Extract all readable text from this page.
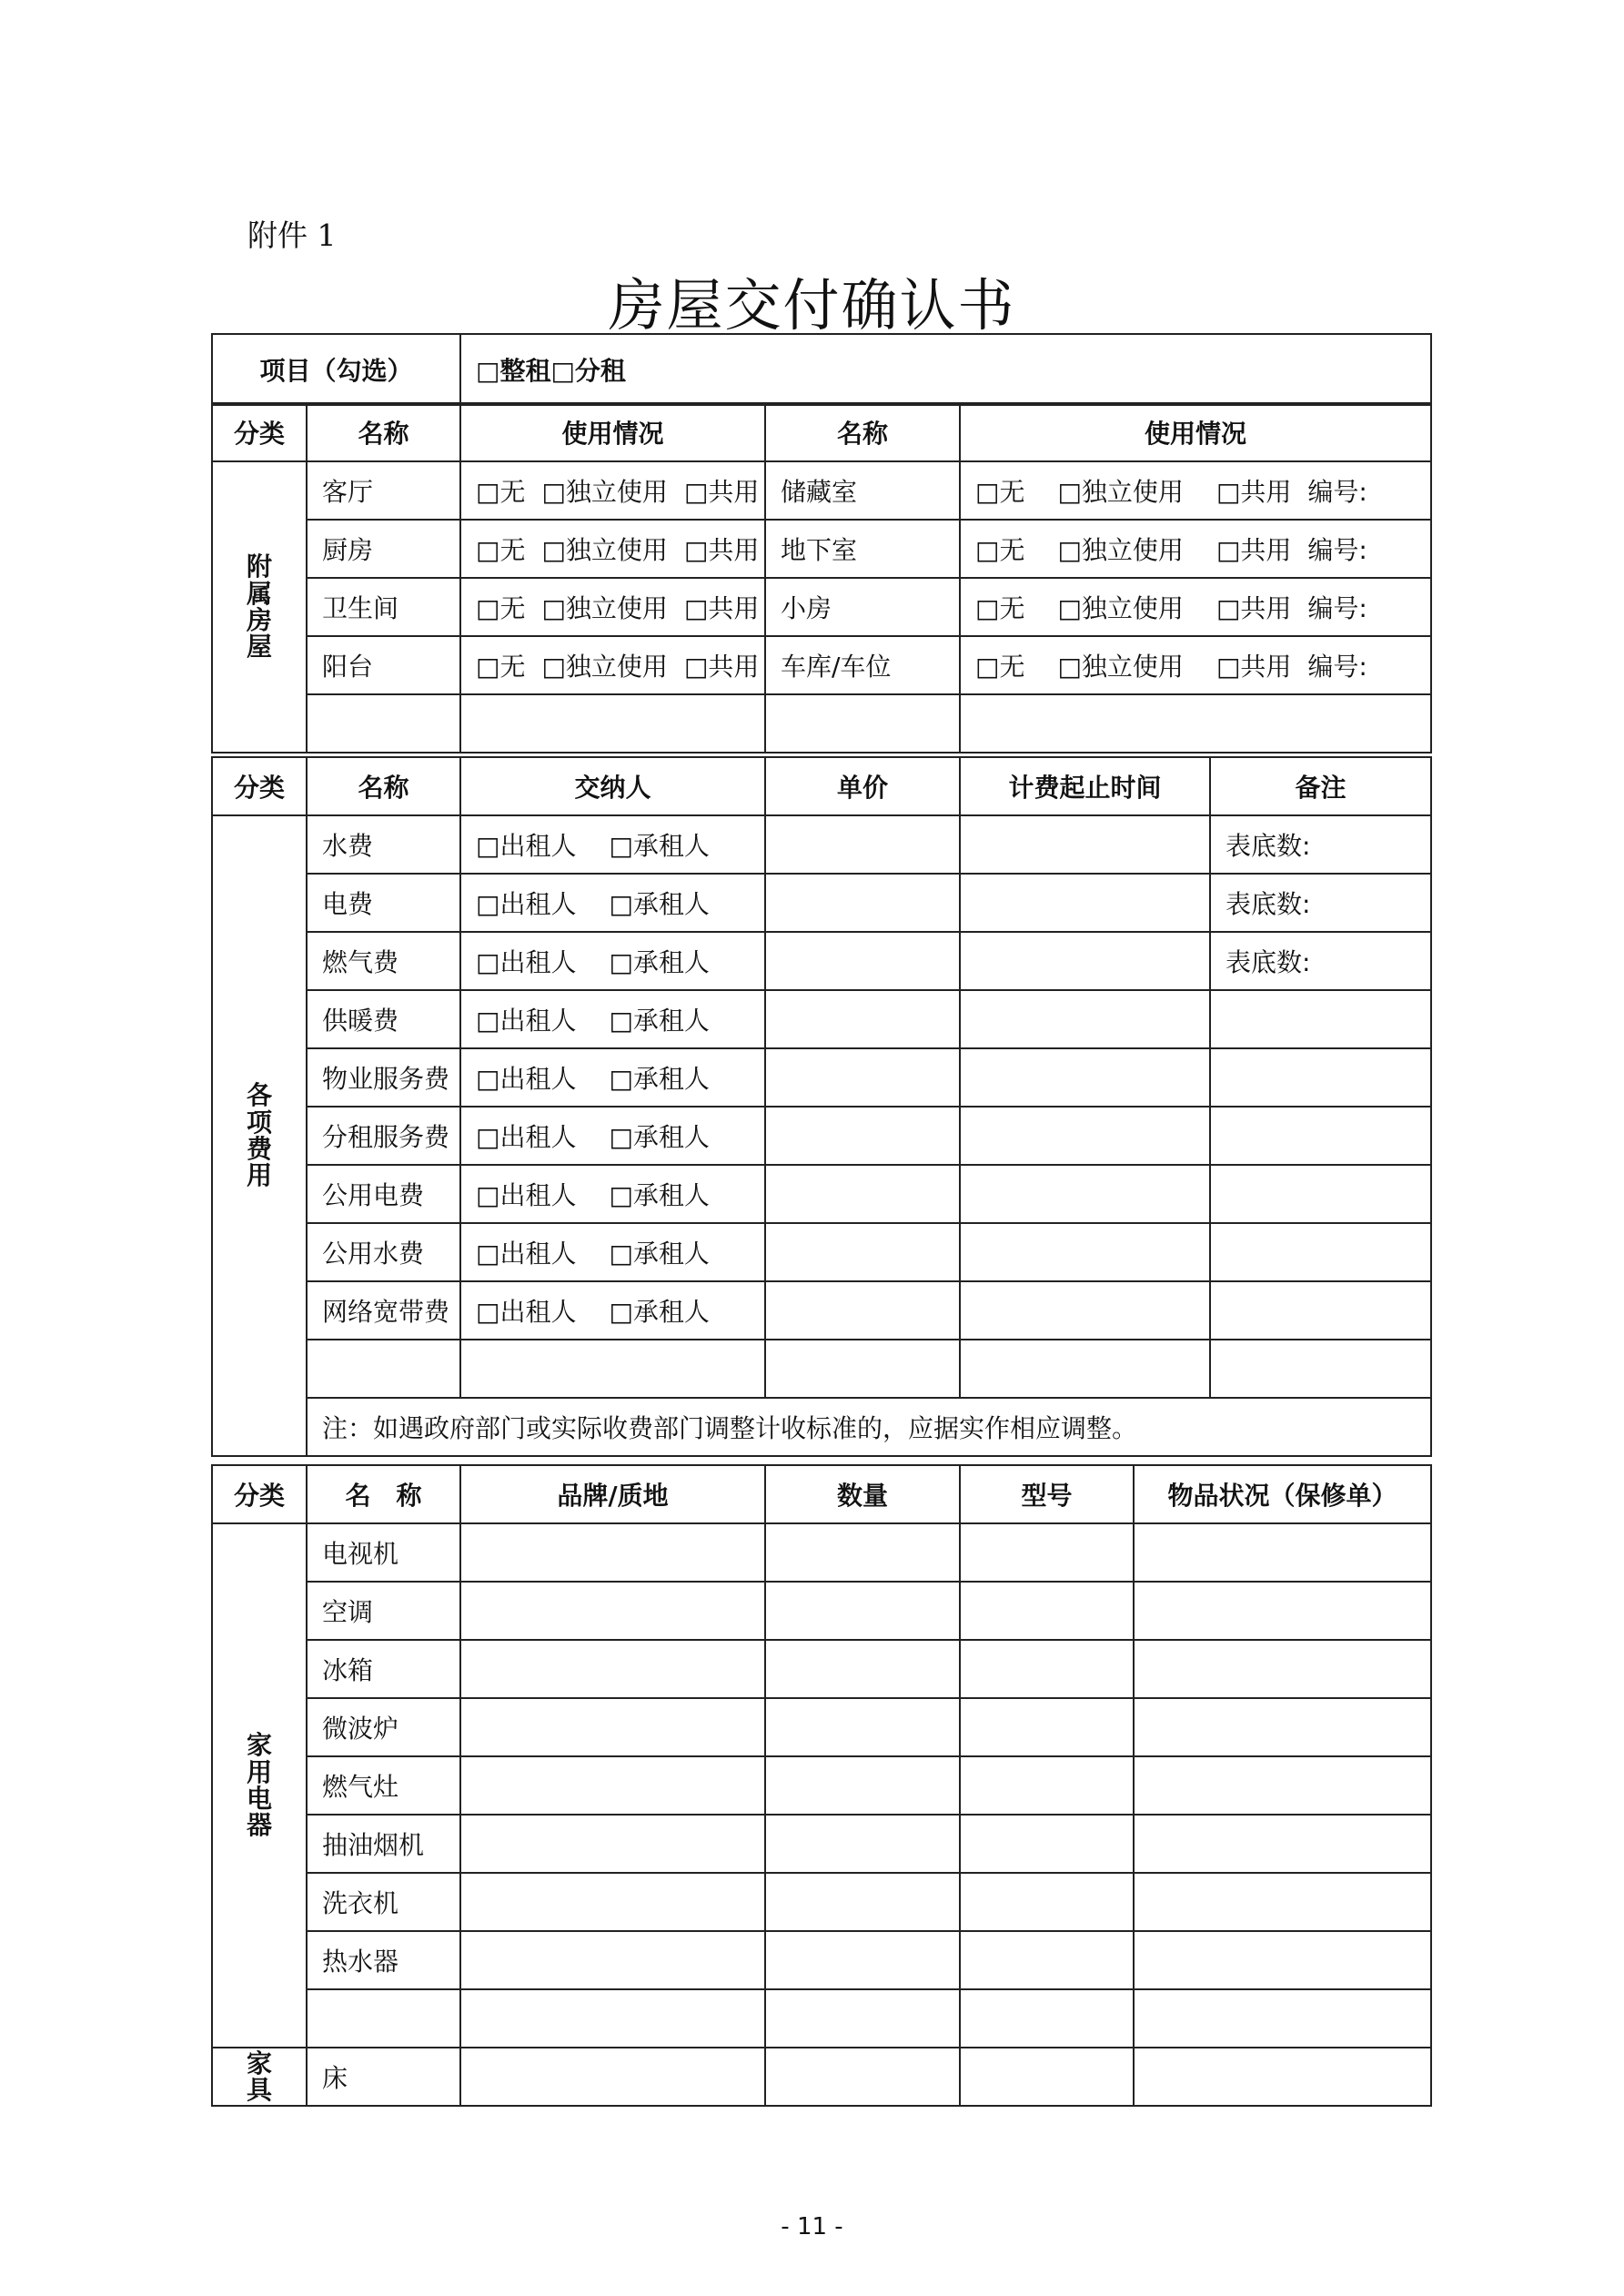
附件 1
房屋交付确认书
项目（勾选）	□整租□分租
分类	名称	使用情况	名称	使用情况
附属房屋	客厅	□无 □独立使用 □共用	储藏室	□无 □独立使用 □共用 编号:
	厨房	□无 □独立使用 □共用	地下室	□无 □独立使用 □共用 编号:
	卫生间	□无 □独立使用 □共用	小房	□无 □独立使用 □共用 编号:
	阳台	□无 □独立使用 □共用	车库/车位	□无 □独立使用 □共用 编号:

分类	名称	交纳人	单价	计费起止时间	备注
各项费用	水费	□出租人 □承租人			表底数:
	电费	□出租人 □承租人			表底数:
	燃气费	□出租人 □承租人			表底数:
	供暖费	□出租人 □承租人			
	物业服务费	□出租人 □承租人			
	分租服务费	□出租人 □承租人			
	公用电费	□出租人 □承租人			
	公用水费	□出租人 □承租人			
	网络宽带费	□出租人 □承租人			

	注：如遇政府部门或实际收费部门调整计收标准的，应据实作相应调整。				
分类	名　称	品牌/质地	数量	型号	物品状况（保修单）
家用电器	电视机				
	空调				
	冰箱				
	微波炉				
	燃气灶				
	抽油烟机				
	洗衣机				
	热水器				

家具	床				
- 11 -
